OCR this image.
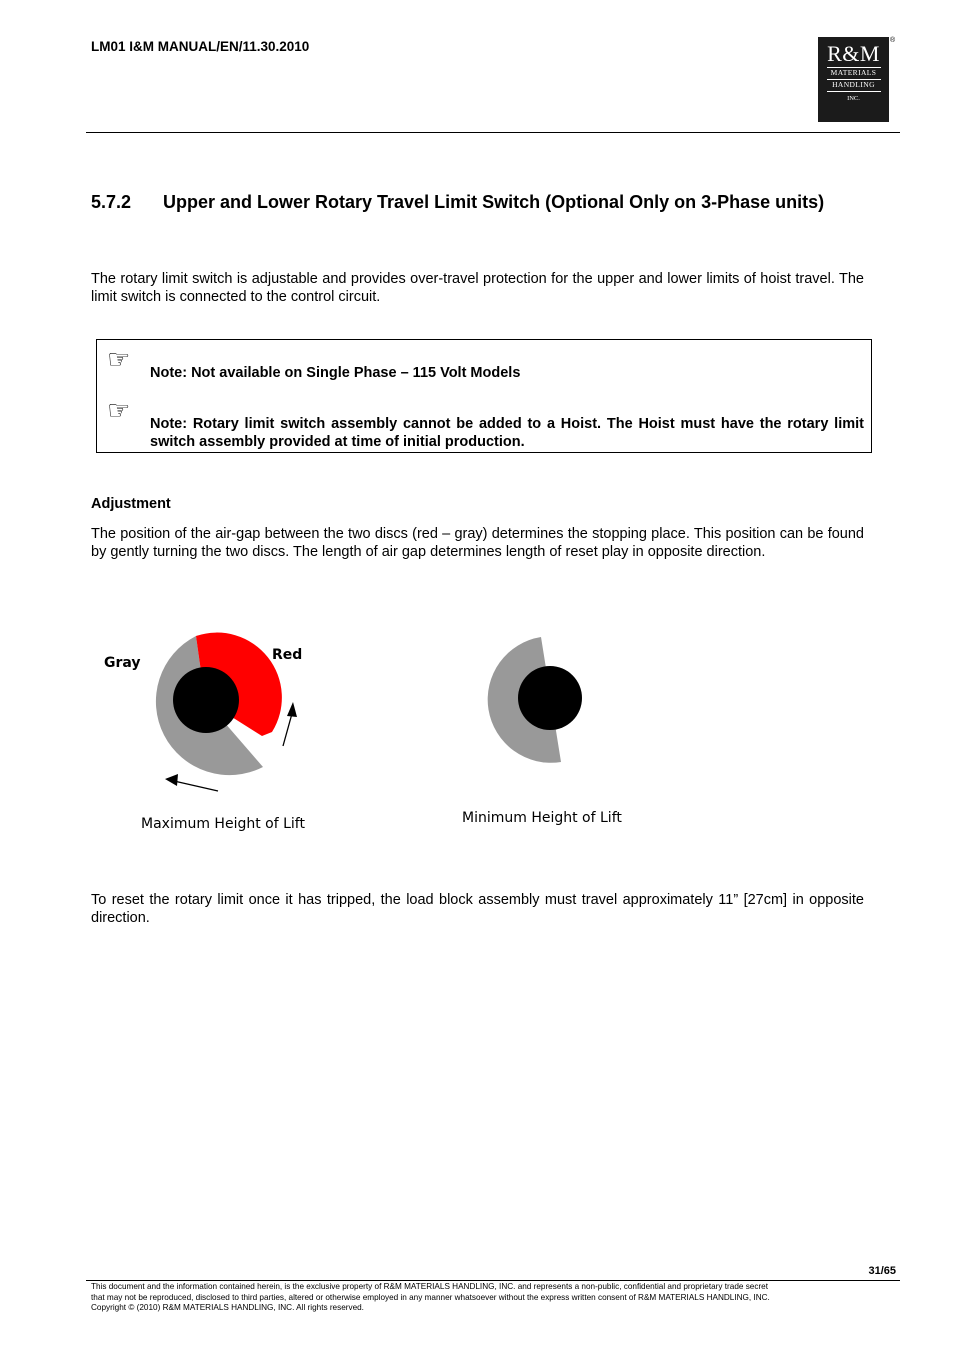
LM01 I&M MANUAL/EN/11.30.2010	R&M
MATERIALS
HANDLING
INC.
®
5.7.2 Upper and Lower Rotary Travel Limit Switch (Optional Only on 3-Phase units)
The rotary limit switch is adjustable and provides over-travel protection for the upper and lower limits of hoist travel. The limit switch is connected to the control circuit.
☞ Note: Not available on Single Phase – 115 Volt Models
☞ Note: Rotary limit switch assembly cannot be added to a Hoist. The Hoist must have the rotary limit switch assembly provided at time of initial production.
Adjustment
The position of the air-gap between the two discs (red – gray) determines the stopping place. This position can be found by gently turning the two discs. The length of air gap determines length of reset play in opposite direction.
Gray	Red
Maximum Height of Lift	Minimum Height of Lift
To reset the rotary limit once it has tripped, the load block assembly must travel approximately 11” [27cm] in opposite direction.
31/65
This document and the information contained herein, is the exclusive property of R&M MATERIALS HANDLING, INC. and represents a non-public, confidential and proprietary trade secret
that may not be reproduced, disclosed to third parties, altered or otherwise employed in any manner whatsoever without the express written consent of R&M MATERIALS HANDLING, INC.
Copyright © (2010) R&M MATERIALS HANDLING, INC. All rights reserved.
